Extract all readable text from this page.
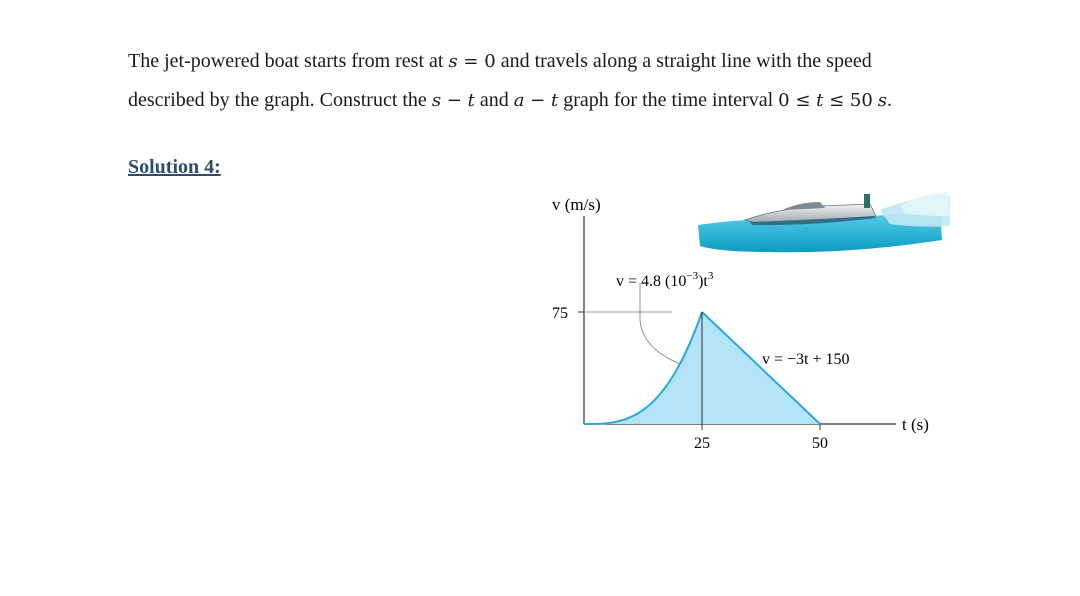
The jet-powered boat starts from rest at s = 0 and travels along a straight line with the speed
described by the graph. Construct the s − t and a − t graph for the time interval 0 ≤ t ≤ 50 s.
Solution 4:
v (m/s)
t (s)
75
25	50
v = 4.8 $(10^{-3})t^3$
v = −3t + 150
